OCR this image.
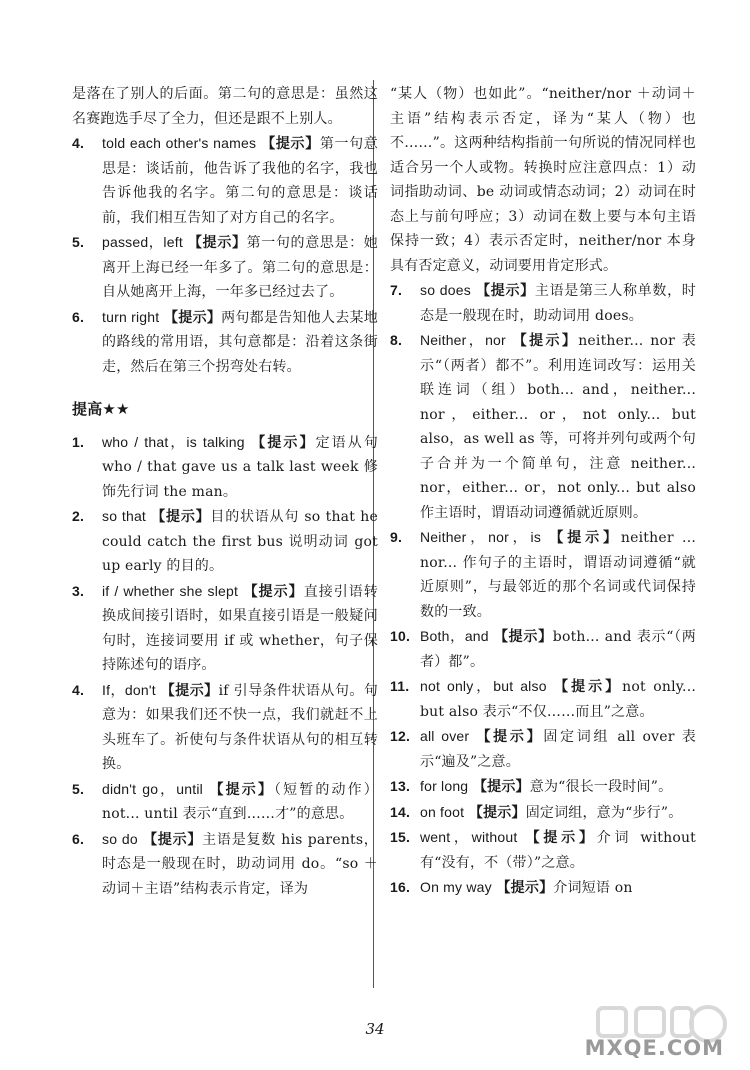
是落在了别人的后面。第二句的意思是：虽然这名赛跑选手尽了全力，但还是跟不上别人。
4. told each other's names 【提示】第一句意思是：谈话前，他告诉了我他的名字，我也告诉他我的名字。第二句的意思是：谈话前，我们相互告知了对方自己的名字。
5. passed，left 【提示】第一句的意思是：她离开上海已经一年多了。第二句的意思是：自从她离开上海，一年多已经过去了。
6. turn right 【提示】两句都是告知他人去某地的路线的常用语，其句意都是：沿着这条街走，然后在第三个拐弯处右转。
提高★★
1. who / that，is talking 【提示】定语从句 who / that gave us a talk last week 修饰先行词 the man。
2. so that 【提示】目的状语从句 so that he could catch the first bus 说明动词 got up early 的目的。
3. if / whether she slept 【提示】直接引语转换成间接引语时，如果直接引语是一般疑问句时，连接词要用 if 或 whether，句子保持陈述句的语序。
4. If，don't 【提示】if 引导条件状语从句。句意为：如果我们还不快一点，我们就赶不上头班车了。祈使句与条件状语从句的相互转换。
5. didn't go，until 【提示】（短暂的动作）not... until 表示“直到……才”的意思。
6. so do 【提示】主语是复数 his parents，时态是一般现在时，助动词用 do。“so ＋动词＋主语”结构表示肯定，译为
“某人（物）也如此”。“neither/nor ＋动词＋主语”结构表示否定，译为“某人（物）也不……”。这两种结构指前一句所说的情况同样也适合另一个人或物。转换时应注意四点：1）动词指助动词、be 动词或情态动词；2）动词在时态上与前句呼应；3）动词在数上要与本句主语保持一致；4）表示否定时，neither/nor 本身具有否定意义，动词要用肯定形式。
7. so does 【提示】主语是第三人称单数，时态是一般现在时，助动词用 does。
8. Neither，nor 【提示】neither... nor 表示“（两者）都不”。利用连词改写：运用关联连词（组）both... and，neither... nor，either... or，not only... but also，as well as 等，可将并列句或两个句子合并为一个简单句，注意 neither... nor，either... or，not only... but also 作主语时，谓语动词遵循就近原则。
9. Neither，nor，is 【提示】neither ... nor... 作句子的主语时，谓语动词遵循“就近原则”，与最邻近的那个名词或代词保持数的一致。
10. Both，and 【提示】both... and 表示“（两者）都”。
11. not only，but also 【提示】not only... but also 表示“不仅……而且”之意。
12. all over 【提示】固定词组 all over 表示“遍及”之意。
13. for long 【提示】意为“很长一段时间”。
14. on foot 【提示】固定词组，意为“步行”。
15. went，without 【提示】介词 without 有“没有，不（带）”之意。
16. On my way 【提示】介词短语 on
34
MXQE.COM
